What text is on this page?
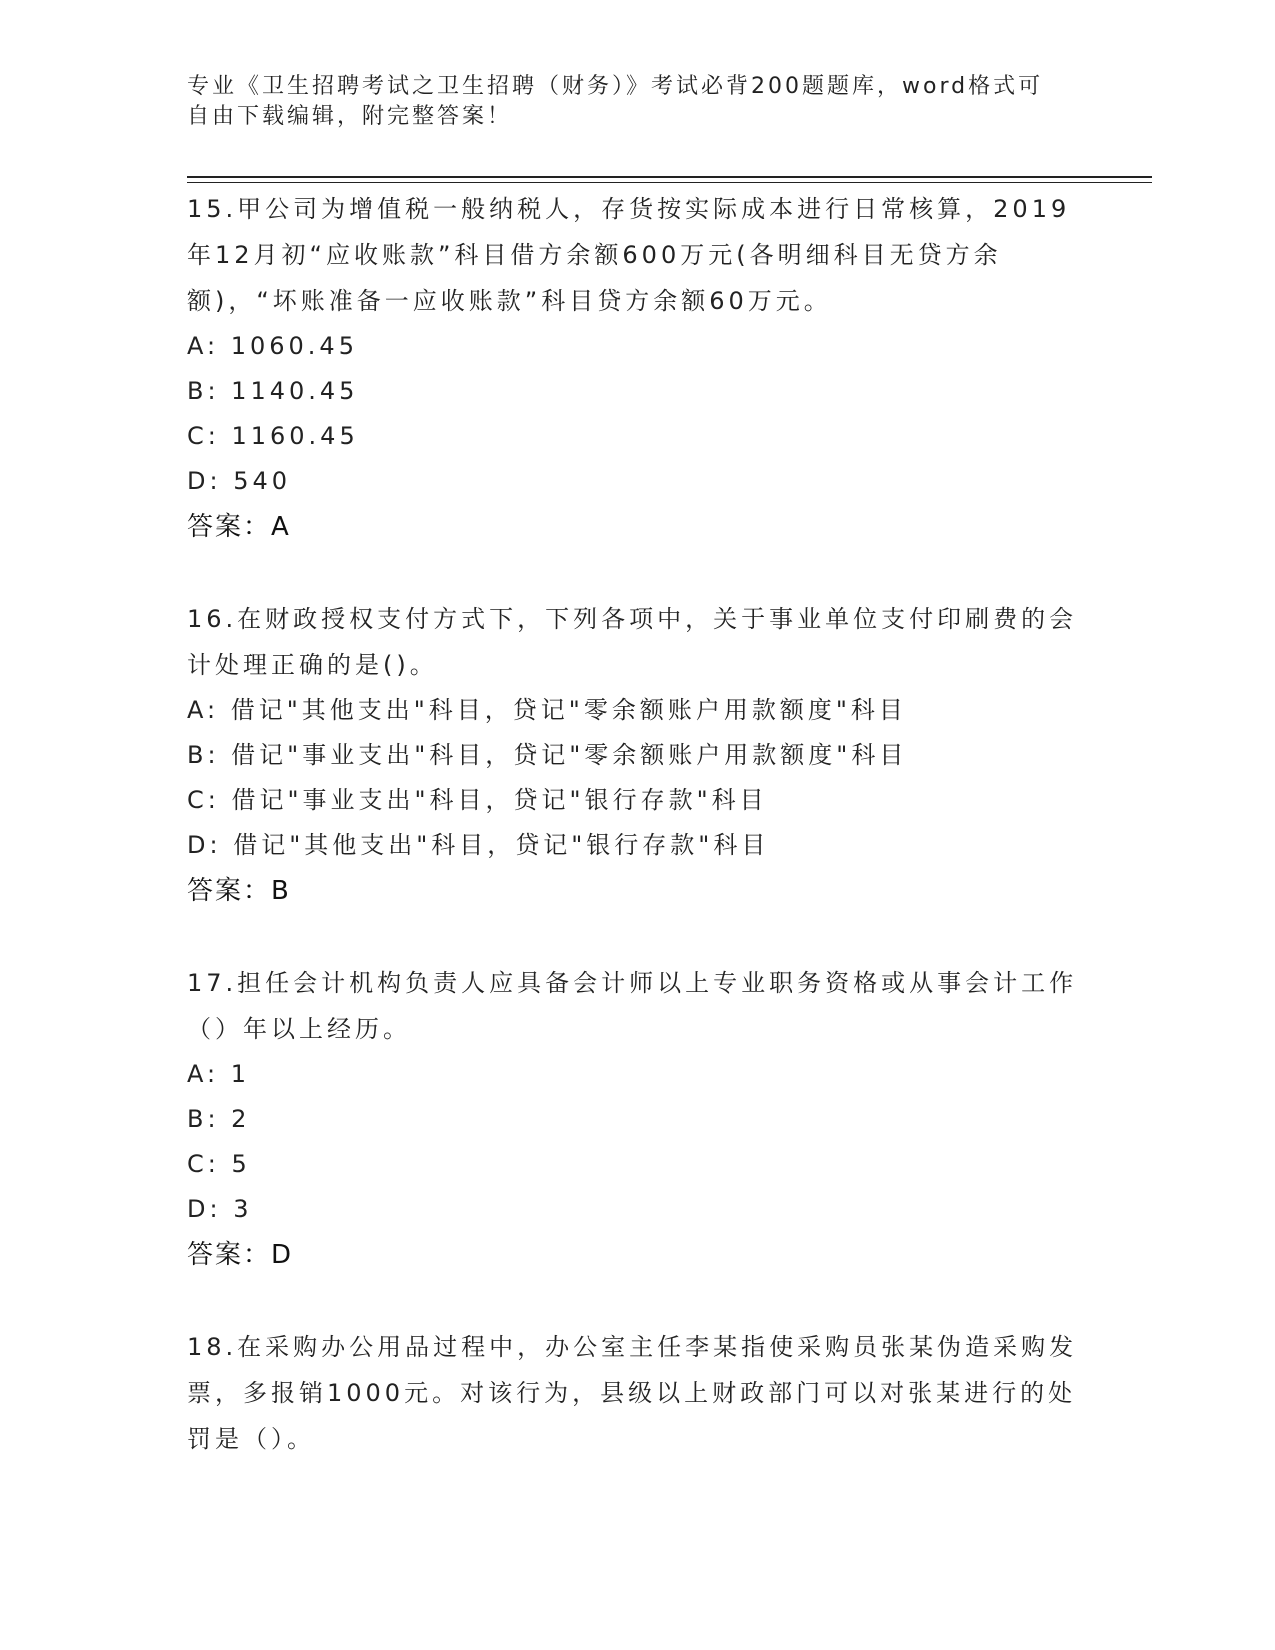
专业《卫生招聘考试之卫生招聘（财务）》考试必背200题题库，word格式可自由下载编辑，附完整答案！
15.甲公司为增值税一般纳税人，存货按实际成本进行日常核算，2019年12月初“应收账款”科目借方余额600万元(各明细科目无贷方余额)，“坏账准备一应收账款”科目贷方余额60万元。
A: 1060.45
B: 1140.45
C: 1160.45
D: 540
答案：A
16.在财政授权支付方式下，下列各项中，关于事业单位支付印刷费的会计处理正确的是()。
A: 借记"其他支出"科目，贷记"零余额账户用款额度"科目
B: 借记"事业支出"科目，贷记"零余额账户用款额度"科目
C: 借记"事业支出"科目，贷记"银行存款"科目
D: 借记"其他支出"科目，贷记"银行存款"科目
答案：B
17.担任会计机构负责人应具备会计师以上专业职务资格或从事会计工作（）年以上经历。
A: 1
B: 2
C: 5
D: 3
答案：D
18.在采购办公用品过程中，办公室主任李某指使采购员张某伪造采购发票，多报销1000元。对该行为，县级以上财政部门可以对张某进行的处罚是（）。
